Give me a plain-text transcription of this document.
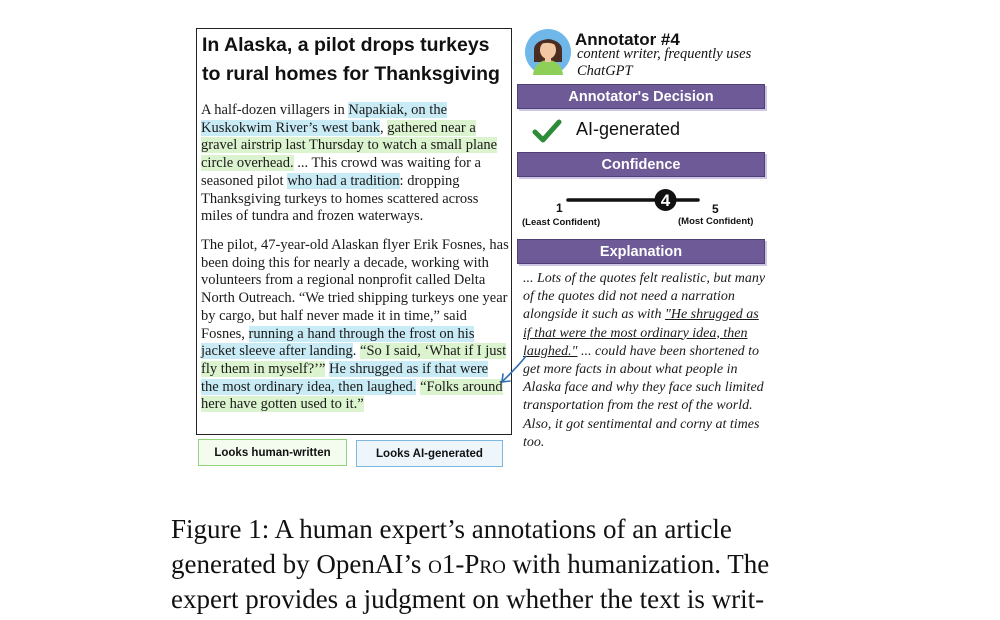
In Alaska, a pilot drops turkeys to rural homes for Thanksgiving
A half-dozen villagers in Napakiak, on the Kuskokwim River’s west bank, gathered near a gravel airstrip last Thursday to watch a small plane circle overhead. ... This crowd was waiting for a seasoned pilot who had a tradition: dropping Thanksgiving turkeys to homes scattered across miles of tundra and frozen waterways.
The pilot, 47-year-old Alaskan flyer Erik Fosnes, has been doing this for nearly a decade, working with volunteers from a regional nonprofit called Delta North Outreach. “We tried shipping turkeys one year by cargo, but half never made it in time,” said Fosnes, running a hand through the frost on his jacket sleeve after landing. “So I said, ‘What if I just fly them in myself?’” He shrugged as if that were the most ordinary idea, then laughed. “Folks around here have gotten used to it.”
Looks human-written	Looks AI-generated
Annotator #4
content writer, frequently uses ChatGPT
Annotator's Decision
AI-generated
Confidence
4
1	5
(Least Confident)	(Most Confident)
Explanation
... Lots of the quotes felt realistic, but many of the quotes did not need a narration alongside it such as with "He shrugged as if that were the most ordinary idea, then laughed." ... could have been shortened to get more facts in about what people in Alaska face and why they face such limited transportation from the rest of the world. Also, it got sentimental and corny at times too.
Figure 1: A human expert’s annotations of an article generated by OpenAI’s o1-Pro with humanization. The expert provides a judgment on whether the text is writ-
